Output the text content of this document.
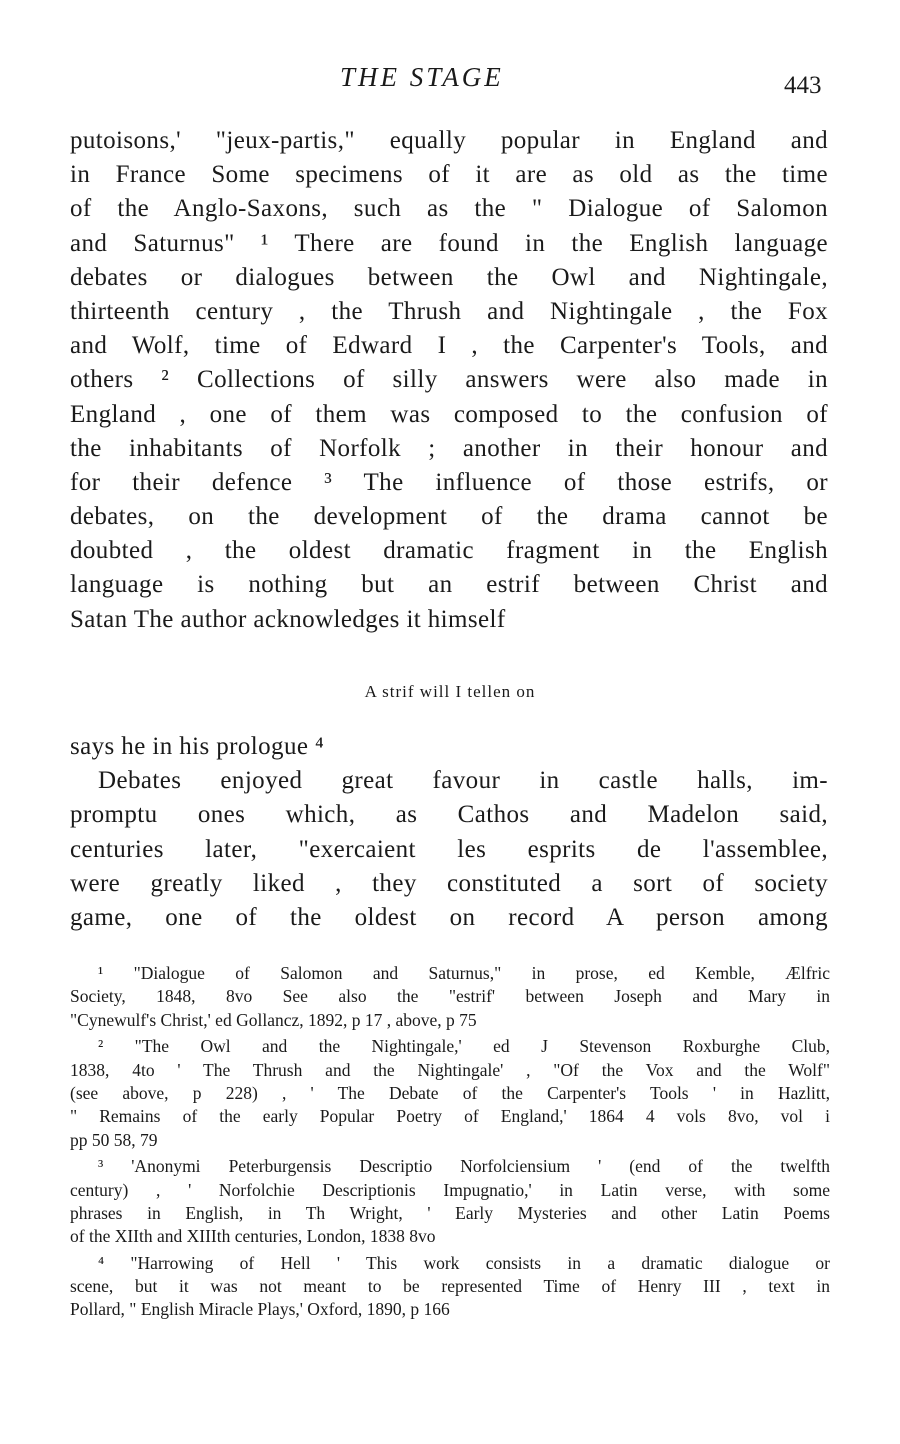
THE STAGE	443
putoisons,' "jeux-partis," equally popular in England and
in France Some specimens of it are as old as the time
of the Anglo-Saxons, such as the " Dialogue of Salomon
and Saturnus" ¹ There are found in the English language
debates or dialogues between the Owl and Nightingale,
thirteenth century , the Thrush and Nightingale , the Fox
and Wolf, time of Edward I , the Carpenter's Tools, and
others ² Collections of silly answers were also made in
England , one of them was composed to the confusion of
the inhabitants of Norfolk ; another in their honour and
for their defence ³ The influence of those estrifs, or
debates, on the development of the drama cannot be
doubted , the oldest dramatic fragment in the English
language is nothing but an estrif between Christ and
Satan The author acknowledges it himself
A strif will I tellen on
says he in his prologue ⁴
Debates enjoyed great favour in castle halls, im-
promptu ones which, as Cathos and Madelon said,
centuries later, "exercaient les esprits de l'assemblee,
were greatly liked , they constituted a sort of society
game, one of the oldest on record A person among
¹ "Dialogue of Salomon and Saturnus," in prose, ed Kemble, Ælfric
Society, 1848, 8vo See also the "estrif' between Joseph and Mary in
"Cynewulf's Christ,' ed Gollancz, 1892, p 17 , above, p 75
² "The Owl and the Nightingale,' ed J Stevenson Roxburghe Club,
1838, 4to ' The Thrush and the Nightingale' , "Of the Vox and the Wolf"
(see above, p 228) , ' The Debate of the Carpenter's Tools ' in Hazlitt,
" Remains of the early Popular Poetry of England,' 1864 4 vols 8vo, vol i
pp 50 58, 79
³ 'Anonymi Peterburgensis Descriptio Norfolciensium ' (end of the twelfth
century) , ' Norfolchie Descriptionis Impugnatio,' in Latin verse, with some
phrases in English, in Th Wright, ' Early Mysteries and other Latin Poems
of the XIIth and XIIIth centuries, London, 1838 8vo
⁴ "Harrowing of Hell ' This work consists in a dramatic dialogue or
scene, but it was not meant to be represented Time of Henry III , text in
Pollard, " English Miracle Plays,' Oxford, 1890, p 166
